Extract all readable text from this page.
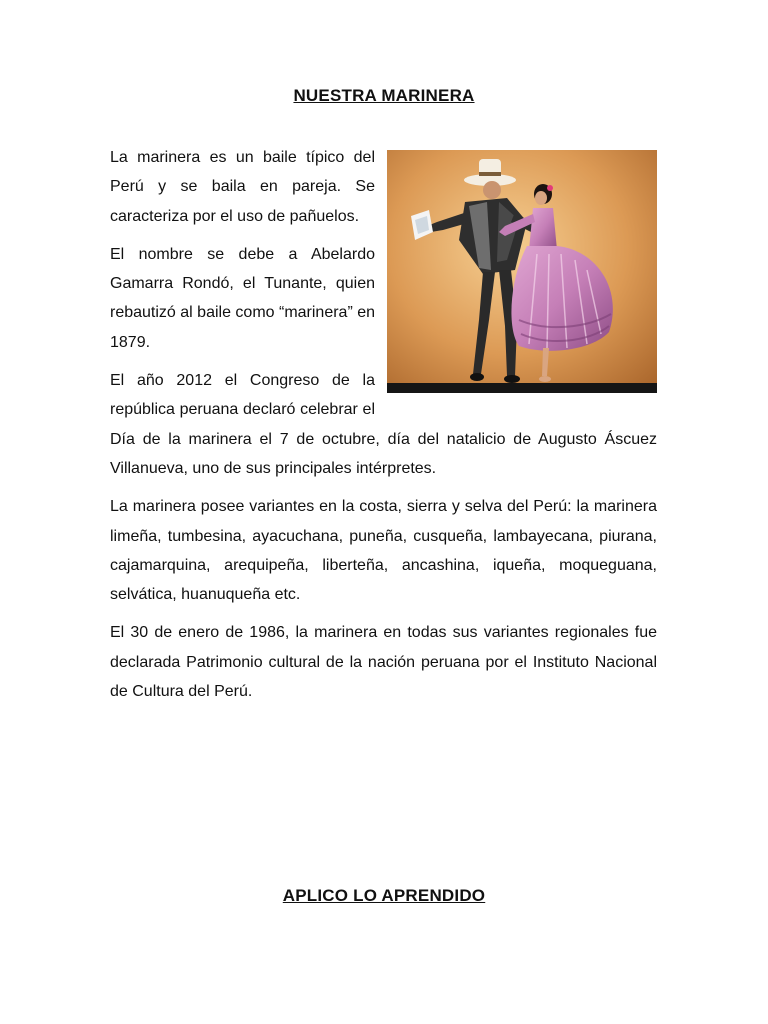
NUESTRA MARINERA

La marinera es un baile típico del Perú y se baila en pareja. Se caracteriza por el uso de pañuelos.

El nombre se debe a Abelardo Gamarra Rondó, el Tunante, quien rebautizó al baile como “marinera” en 1879.

El año 2012 el Congreso de la república peruana declaró celebrar el Día de la marinera el 7 de octubre, día del natalicio de Augusto Áscuez Villanueva, uno de sus principales intérpretes.

La marinera posee variantes en la costa, sierra y selva del Perú: la marinera limeña, tumbesina, ayacuchana, puneña, cusqueña, lambayecana, piurana, cajamarquina, arequipeña, liberteña, ancashina, iqueña, moqueguana, selvática, huanuqueña etc.

El 30 de enero de 1986, la marinera en todas sus variantes regionales fue declarada Patrimonio cultural de la nación peruana por el Instituto Nacional de Cultura del Perú.

APLICO LO APRENDIDO
